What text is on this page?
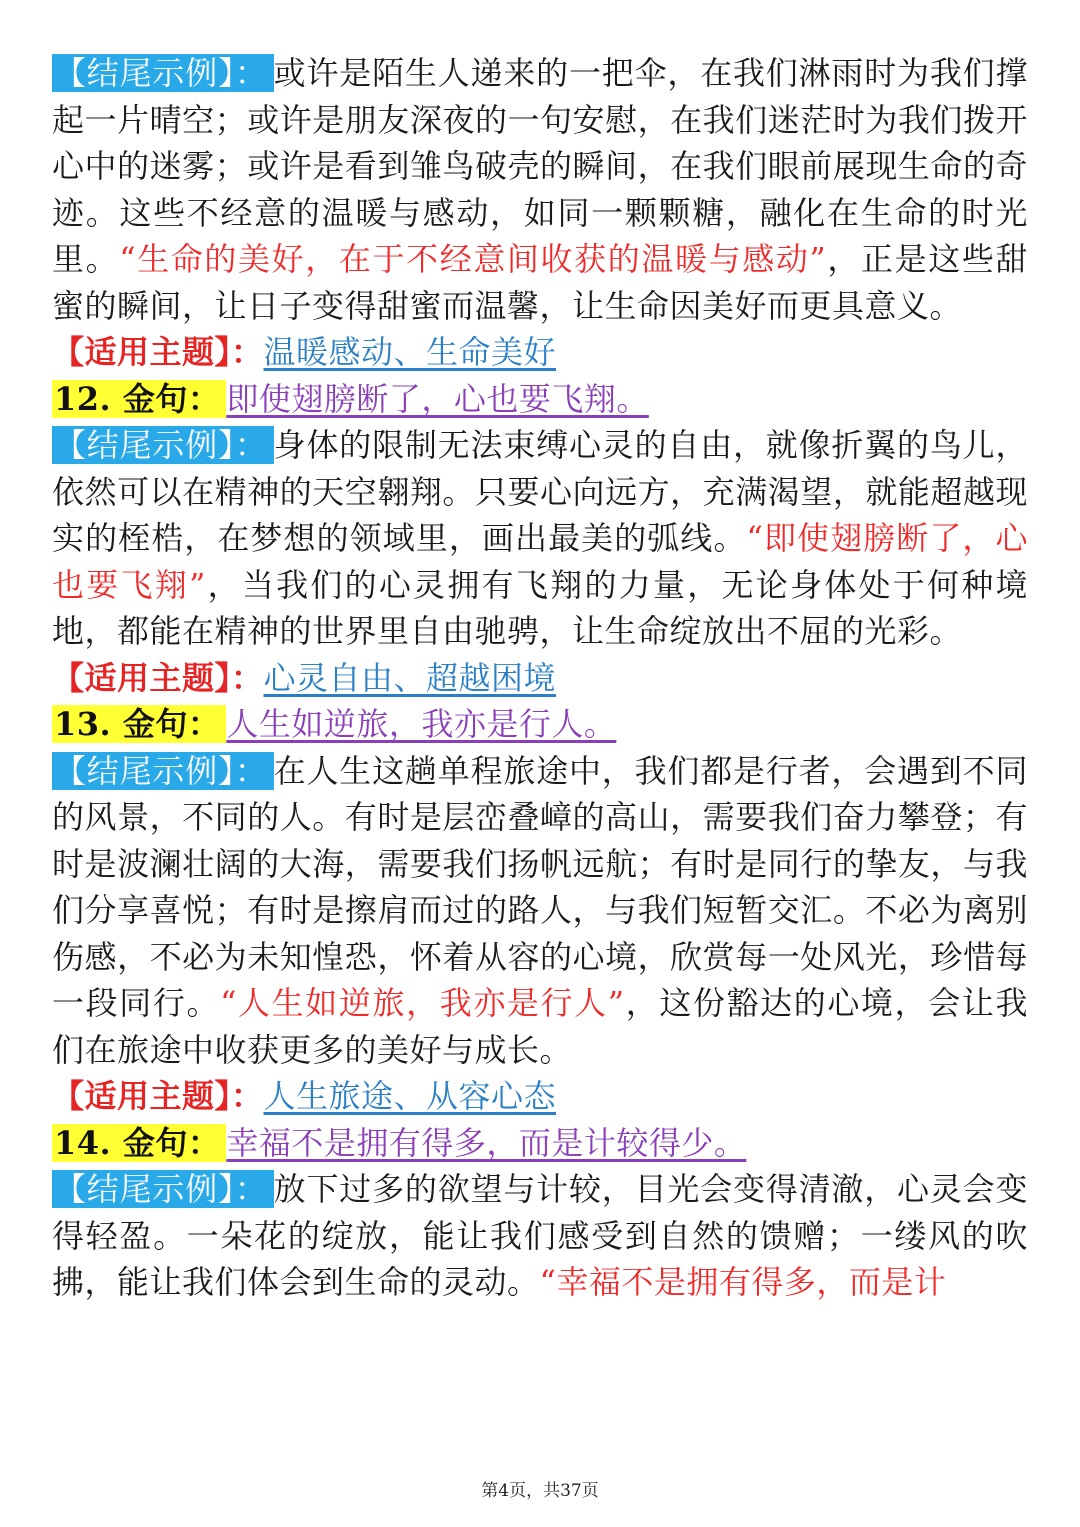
【结尾示例】： 或许是陌生人递来的一把伞，在我们淋雨时为我们撑起一片晴空；或许是朋友深夜的一句安慰，在我们迷茫时为我们拨开心中的迷雾；或许是看到雏鸟破壳的瞬间，在我们眼前展现生命的奇迹。这些不经意的温暖与感动，如同一颗颗糖，融化在生命的时光里。“生命的美好，在于不经意间收获的温暖与感动”，正是这些甜蜜的瞬间，让日子变得甜蜜而温馨，让生命因美好而更具意义。

【适用主题】：温暖感动、生命美好

12. 金句： 即使翅膀断了，心也要飞翔。

【结尾示例】： 身体的限制无法束缚心灵的自由，就像折翼的鸟儿，依然可以在精神的天空翱翔。只要心向远方，充满渴望，就能超越现实的桎梏，在梦想的领域里，画出最美的弧线。“即使翅膀断了，心也要飞翔”，当我们的心灵拥有飞翔的力量，无论身体处于何种境地，都能在精神的世界里自由驰骋，让生命绽放出不屈的光彩。

【适用主题】：心灵自由、超越困境

13. 金句： 人生如逆旅，我亦是行人。

【结尾示例】： 在人生这趟单程旅途中，我们都是行者，会遇到不同的风景，不同的人。有时是层峦叠嶂的高山，需要我们奋力攀登；有时是波澜壮阔的大海，需要我们扬帆远航；有时是同行的挚友，与我们分享喜悦；有时是擦肩而过的路人，与我们短暂交汇。不必为离别伤感，不必为未知惶恐，怀着从容的心境，欣赏每一处风光，珍惜每一段同行。“人生如逆旅，我亦是行人”，这份豁达的心境，会让我们在旅途中收获更多的美好与成长。

【适用主题】：人生旅途、从容心态

14. 金句： 幸福不是拥有得多，而是计较得少。

【结尾示例】： 放下过多的欲望与计较，目光会变得清澈，心灵会变得轻盈。一朵花的绽放，能让我们感受到自然的馈赠；一缕风的吹拂，能让我们体会到生命的灵动。“幸福不是拥有得多，而是计

第4页，共37页
